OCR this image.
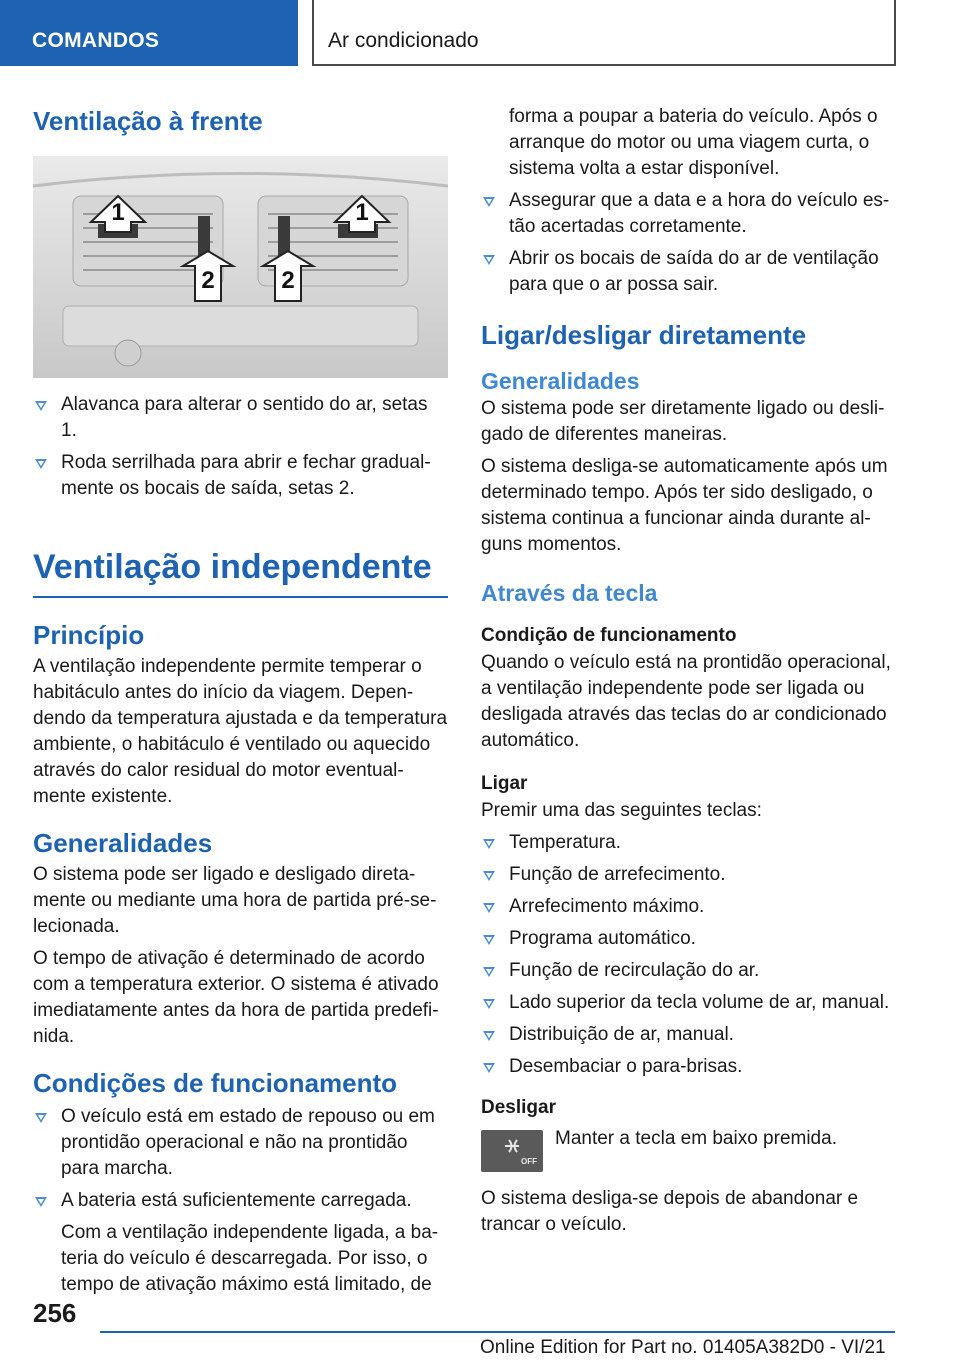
COMANDOS	Ar condicionado
Ventilação à frente
1	1
2	2
Alavanca para alterar o sentido do ar, setas 1.
Roda serrilhada para abrir e fechar gradual-mente os bocais de saída, setas 2.
Ventilação independente
Princípio

A ventilação independente permite temperar o habitáculo antes do início da viagem. Depen-dendo da temperatura ajustada e da temperatura ambiente, o habitáculo é ventilado ou aquecido através do calor residual do motor eventual-mente existente.

Generalidades

O sistema pode ser ligado e desligado direta-mente ou mediante uma hora de partida pré-se-lecionada.

O tempo de ativação é determinado de acordo com a temperatura exterior. O sistema é ativado imediatamente antes da hora de partida predefi-nida.

Condições de funcionamento
O veículo está em estado de repouso ou em prontidão operacional e não na prontidão para marcha.
A bateria está suficientemente carregada.

Com a ventilação independente ligada, a ba-teria do veículo é descarregada. Por isso, o tempo de ativação máximo está limitado, de

forma a poupar a bateria do veículo. Após o arranque do motor ou uma viagem curta, o sistema volta a estar disponível.

Assegurar que a data e a hora do veículo es-tão acertadas corretamente.
Abrir os bocais de saída do ar de ventilação para que o ar possa sair.
Ligar/desligar diretamente
Generalidades

O sistema pode ser diretamente ligado ou desli-gado de diferentes maneiras.

O sistema desliga-se automaticamente após um determinado tempo. Após ter sido desligado, o sistema continua a funcionar ainda durante al-guns momentos.

Através da tecla
Condição de funcionamento

Quando o veículo está na prontidão operacional, a ventilação independente pode ser ligada ou desligada através das teclas do ar condicionado automático.

Ligar

Premir uma das seguintes teclas:

Temperatura.
Função de arrefecimento.
Arrefecimento máximo.
Programa automático.
Função de recirculação do ar.
Lado superior da tecla volume de ar, manual.
Distribuição de ar, manual.
Desembaciar o para-brisas.
Desligar
OFF

Manter a tecla em baixo premida.

O sistema desliga-se depois de abandonar e trancar o veículo.

256
Online Edition for Part no. 01405A382D0 - VI/21
